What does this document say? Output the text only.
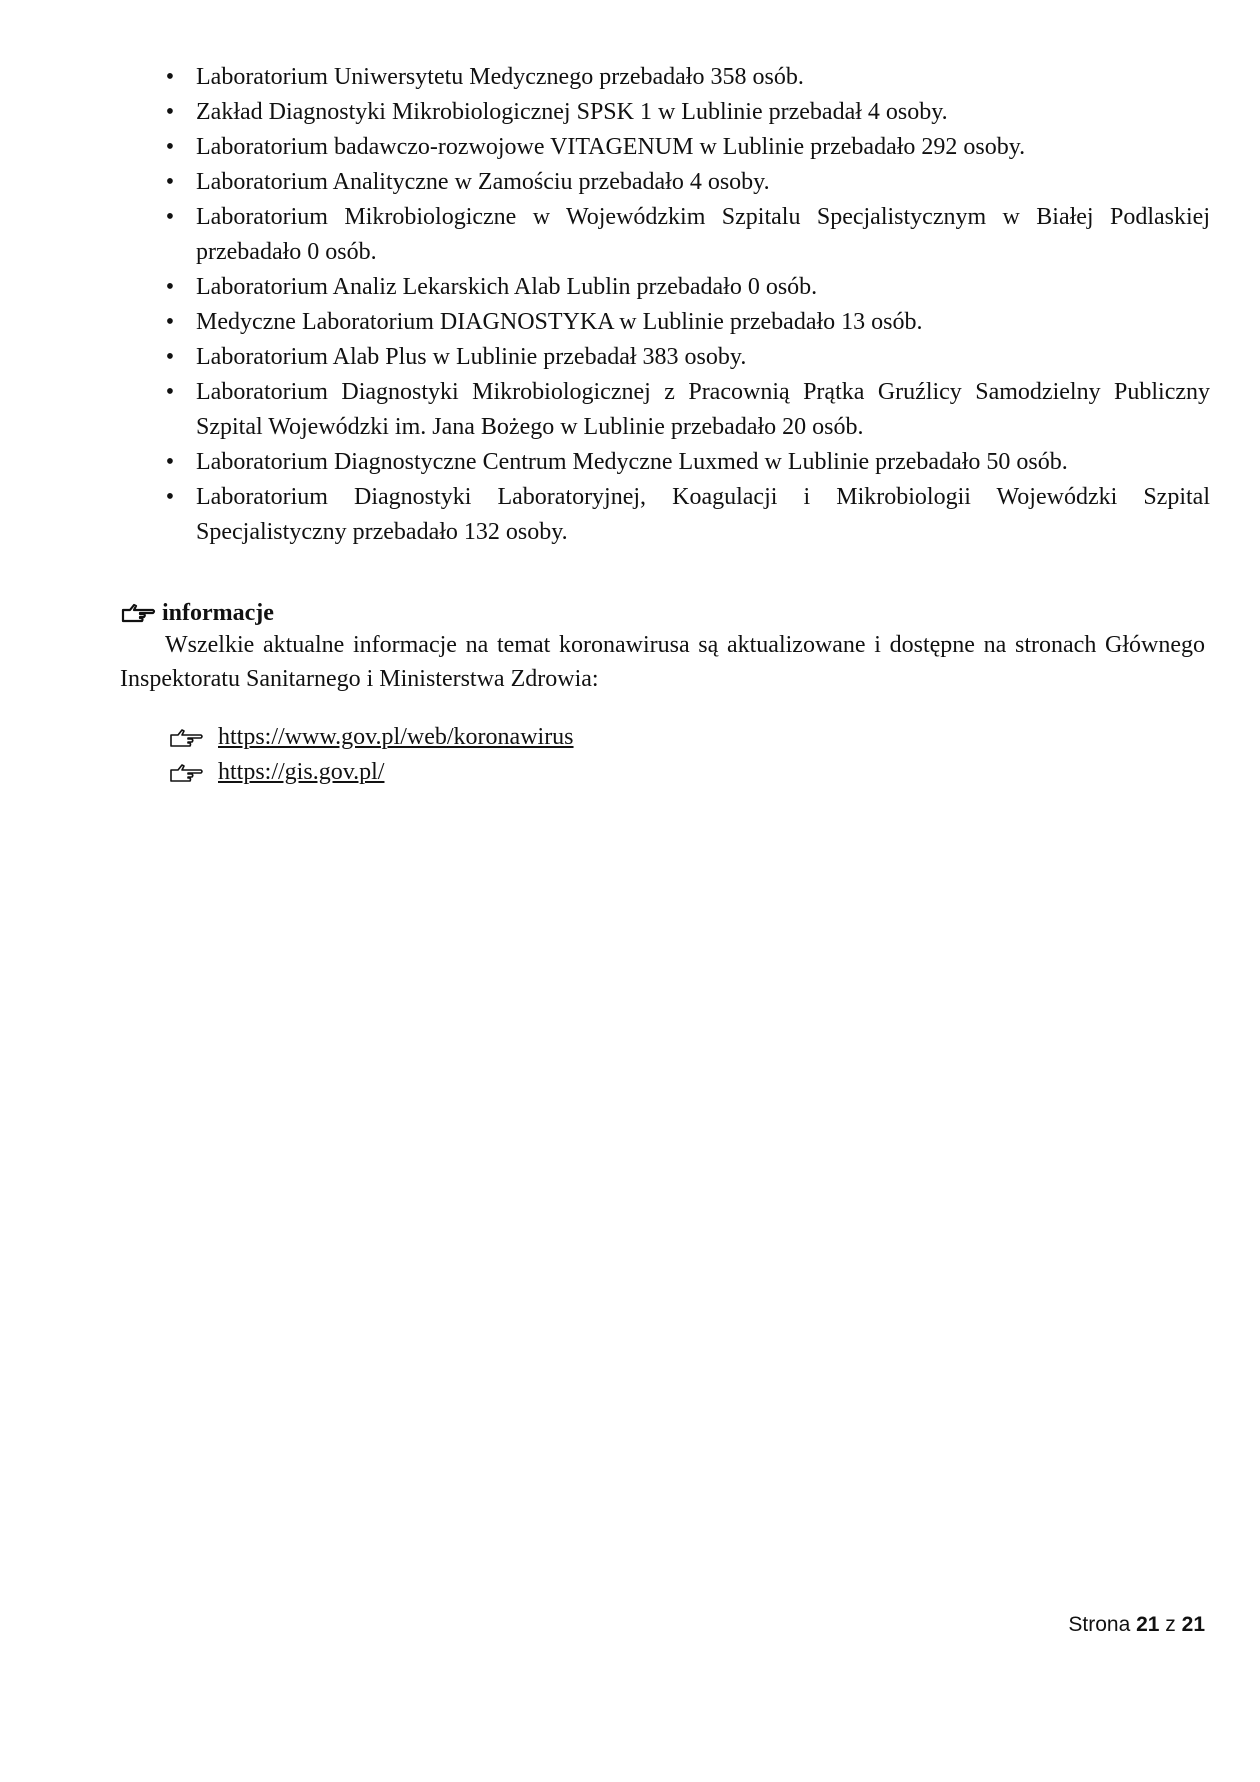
• Laboratorium Uniwersytetu Medycznego przebadało 358 osób.
• Zakład Diagnostyki Mikrobiologicznej SPSK 1 w Lublinie przebadał 4 osoby.
• Laboratorium badawczo-rozwojowe VITAGENUM w Lublinie przebadało 292 osoby.
• Laboratorium Analityczne w Zamościu przebadało 4 osoby.
• Laboratorium Mikrobiologiczne w Wojewódzkim Szpitalu Specjalistycznym w Białej Podlaskiej przebadało 0 osób.
• Laboratorium Analiz Lekarskich Alab Lublin przebadało 0 osób.
• Medyczne Laboratorium DIAGNOSTYKA w Lublinie przebadało 13 osób.
• Laboratorium Alab Plus w Lublinie przebadał 383 osoby.
• Laboratorium Diagnostyki Mikrobiologicznej z Pracownią Prątka Gruźlicy Samodzielny Publiczny Szpital Wojewódzki im. Jana Bożego w Lublinie przebadało 20 osób.
• Laboratorium Diagnostyczne Centrum Medyczne Luxmed w Lublinie przebadało 50 osób.
• Laboratorium Diagnostyki Laboratoryjnej, Koagulacji i Mikrobiologii Wojewódzki Szpital Specjalistyczny przebadało 132 osoby.
informacje
Wszelkie aktualne informacje na temat koronawirusa są aktualizowane i dostępne na stronach Głównego Inspektoratu Sanitarnego i Ministerstwa Zdrowia:
https://www.gov.pl/web/koronawirus
https://gis.gov.pl/
Strona 21 z 21
